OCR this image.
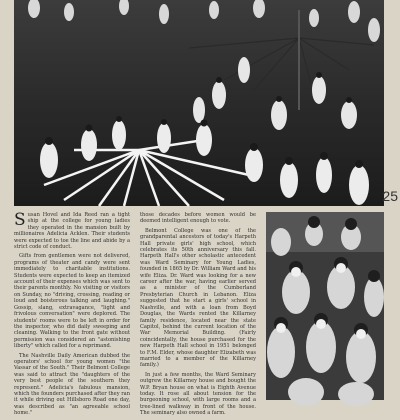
25

Susan Hovel and Ida Reed ran a tight ship at the college for young ladies they operated in the mansion built by millionaires Adelicia Acklen. Their students were expected to toe the line and abide by a strict code of conduct.

Gifts from gentlemen were not delivered, programs of theater and candy were sent immediately to charitable institutions. Students were expected to keep an itemized account of their expenses which was sent to their parents monthly. No visiting or visitors on Sunday, no "driving, crossing, reading or loud and boisterous talking and laughing." Gossip, slang, extravagance, "light and frivolous conversation" were deplored. The students' rooms were to be left in order for the inspector, who did daily sweeping and cleaning. Walking to the front gate without permission was considered an "astonishing liberty" which called for a reprimand.

The Nashville Daily American dubbed the operators' school for young women "the Vassar of the South." Their Belmont College was said to attract the "daughters of the very best people of the southern they represent." Adelicia's fabulous mansion, which the founders purchased after they ran it while driving out Hillsboro Road one day, was described as "an agreeable school home."

those decades before women would be deemed intelligent enough to vote.

Belmont College was one of the grandparental ancestors of today's Harpeth Hall private girls' high school, which celebrates its 50th anniversary this fall. Harpeth Hall's other scholastic antecedent was Ward Seminary for Young Ladies, founded in 1865 by Dr. William Ward and his wife Eliza. Dr. Ward was looking for a new career after the war, having earlier served as a minister of the Cumberland Presbyterian Church in Lebanon. Eliza suggested that he start a girls' school in Nashville, and with a loan from Boyd Douglas, the Wards rented the Killarney family residence, located near the state Capitol, behind the current location of the War Memorial Building. (Fairly coincidentally, the house purchased for the new Harpeth Hall school in 1951 belonged to F.M. Elder, whose daughter Elizabeth was married to a member of the Killarney family.)

In just a few months, the Ward Seminary outgrew the Killarney house and bought the W.P. Bryan house on what is Eighth Avenue today. It rose all about tension for the burgeoning school, with large rooms and a tree-lined walkway in front of the house. The seminary also owned a farm.
